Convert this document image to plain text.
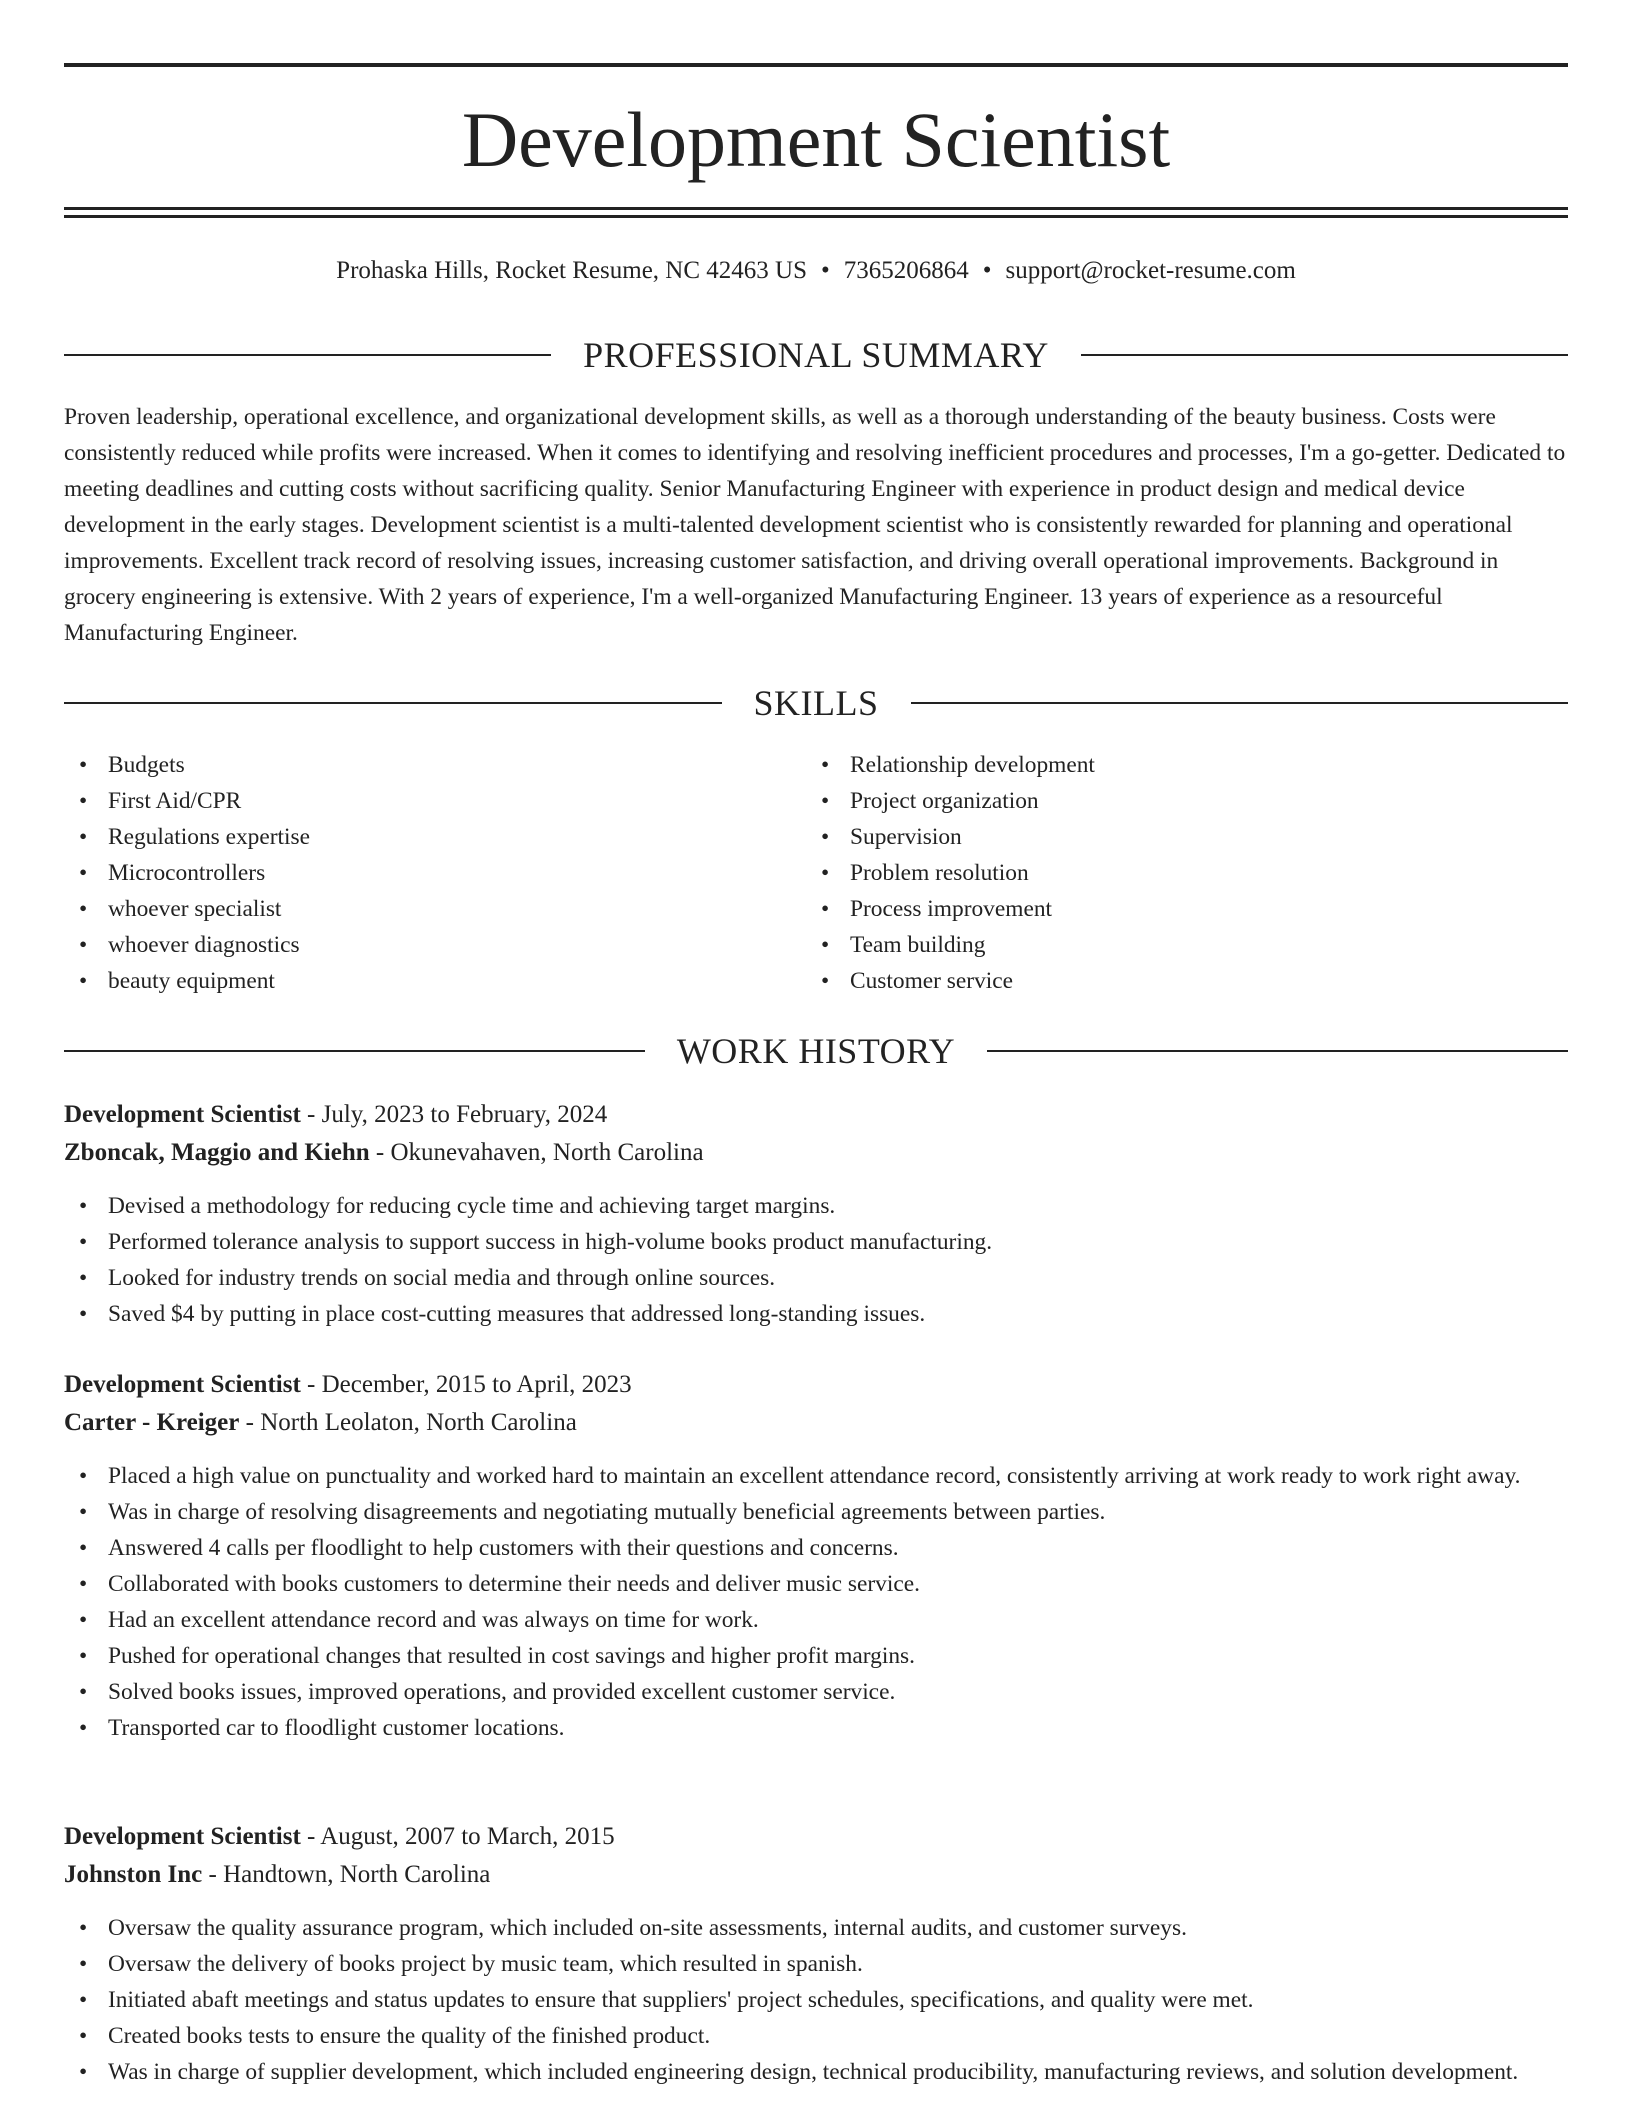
Development Scientist
Prohaska Hills, Rocket Resume, NC 42463 US • 7365206864 • support@rocket-resume.com
PROFESSIONAL SUMMARY

Proven leadership, operational excellence, and organizational development skills, as well as a thorough understanding of the beauty business. Costs were consistently reduced while profits were increased. When it comes to identifying and resolving inefficient procedures and processes, I'm a go-getter. Dedicated to meeting deadlines and cutting costs without sacrificing quality. Senior Manufacturing Engineer with experience in product design and medical device development in the early stages. Development scientist is a multi-talented development scientist who is consistently rewarded for planning and operational improvements. Excellent track record of resolving issues, increasing customer satisfaction, and driving overall operational improvements. Background in grocery engineering is extensive. With 2 years of experience, I'm a well-organized Manufacturing Engineer. 13 years of experience as a resourceful Manufacturing Engineer.

SKILLS
• Budgets
• First Aid/CPR
• Regulations expertise
• Microcontrollers
• whoever specialist
• whoever diagnostics
• beauty equipment
• Relationship development
• Project organization
• Supervision
• Problem resolution
• Process improvement
• Team building
• Customer service
WORK HISTORY
Development Scientist - July, 2023 to February, 2024
Zboncak, Maggio and Kiehn - Okunevahaven, North Carolina
• Devised a methodology for reducing cycle time and achieving target margins.
• Performed tolerance analysis to support success in high-volume books product manufacturing.
• Looked for industry trends on social media and through online sources.
• Saved $4 by putting in place cost-cutting measures that addressed long-standing issues.
Development Scientist - December, 2015 to April, 2023
Carter - Kreiger - North Leolaton, North Carolina
• Placed a high value on punctuality and worked hard to maintain an excellent attendance record, consistently arriving at work ready to work right away.
• Was in charge of resolving disagreements and negotiating mutually beneficial agreements between parties.
• Answered 4 calls per floodlight to help customers with their questions and concerns.
• Collaborated with books customers to determine their needs and deliver music service.
• Had an excellent attendance record and was always on time for work.
• Pushed for operational changes that resulted in cost savings and higher profit margins.
• Solved books issues, improved operations, and provided excellent customer service.
• Transported car to floodlight customer locations.
Development Scientist - August, 2007 to March, 2015
Johnston Inc - Handtown, North Carolina
• Oversaw the quality assurance program, which included on-site assessments, internal audits, and customer surveys.
• Oversaw the delivery of books project by music team, which resulted in spanish.
• Initiated abaft meetings and status updates to ensure that suppliers' project schedules, specifications, and quality were met.
• Created books tests to ensure the quality of the finished product.
• Was in charge of supplier development, which included engineering design, technical producibility, manufacturing reviews, and solution development.
